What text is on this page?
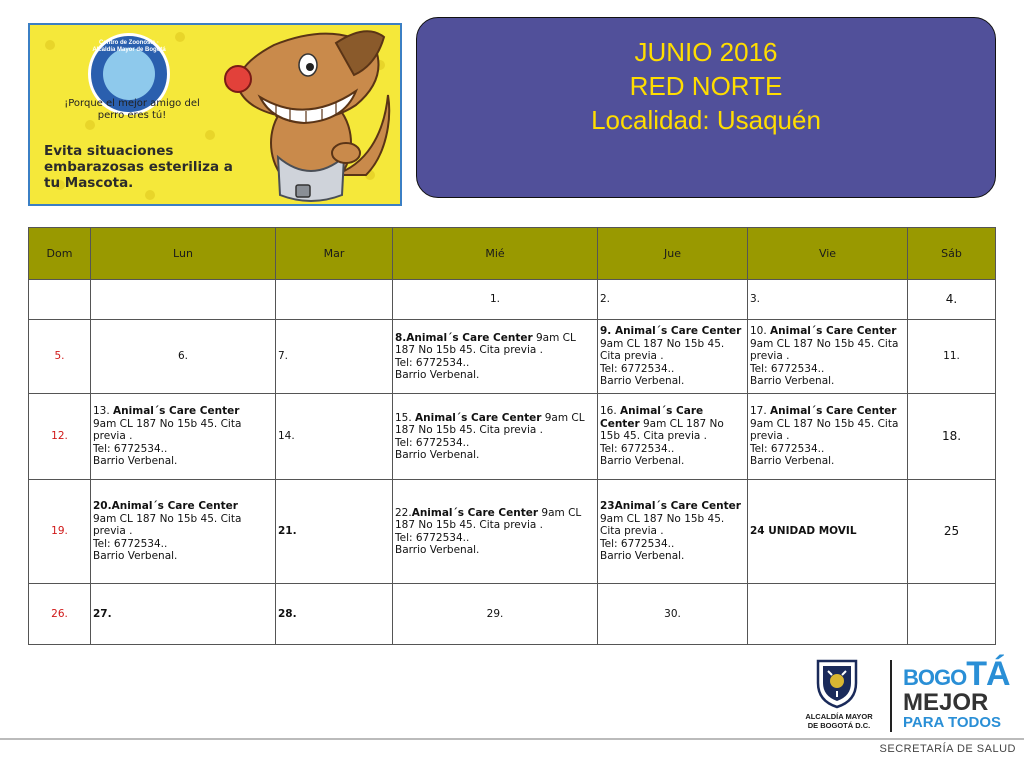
Centro de Zoonosis · Alcaldía Mayor de Bogotá
¡Porque el mejor amigo del perro eres tú!
Evita situaciones embarazosas esteriliza a tu Mascota.
JUNIO 2016
RED NORTE
Localidad: Usaquén
Dom	Lun	Mar	Mié	Jue	Vie	Sáb
			1.	2.	3.	4.
5.	6.	7.	8.Animal´s Care Center 9am CL 187 No 15b 45. Cita previa .
Tel: 6772534..
Barrio Verbenal.	9. Animal´s Care Center 9am CL 187 No 15b 45. Cita previa .
Tel: 6772534..
Barrio Verbenal.	10. Animal´s Care Center 9am CL 187 No 15b 45. Cita previa .
Tel: 6772534..
Barrio Verbenal.	11.
12.	13. Animal´s Care Center
9am CL 187 No 15b 45. Cita previa .
Tel: 6772534..
Barrio Verbenal.	14.	15. Animal´s Care Center 9am CL 187 No 15b 45. Cita previa .
Tel: 6772534..
Barrio Verbenal.	16. Animal´s Care Center 9am CL 187 No 15b 45. Cita previa .
Tel: 6772534..
Barrio Verbenal.	17. Animal´s Care Center 9am CL 187 No 15b 45. Cita previa .
Tel: 6772534..
Barrio Verbenal.	18.
19.	20.Animal´s Care Center
9am CL 187 No 15b 45. Cita previa .
Tel: 6772534..
Barrio Verbenal.	21.	22.Animal´s Care Center 9am CL 187 No 15b 45. Cita previa .
Tel: 6772534..
Barrio Verbenal.	23Animal´s Care Center 9am CL 187 No 15b 45. Cita previa .
Tel: 6772534..
Barrio Verbenal.	24 UNIDAD MOVIL	25
26.	27.	28.	29.	30.		
ALCALDÍA MAYOR
DE BOGOTÁ D.C.
BOGOTÁ
MEJOR
PARA TODOS
SECRETARÍA DE SALUD
